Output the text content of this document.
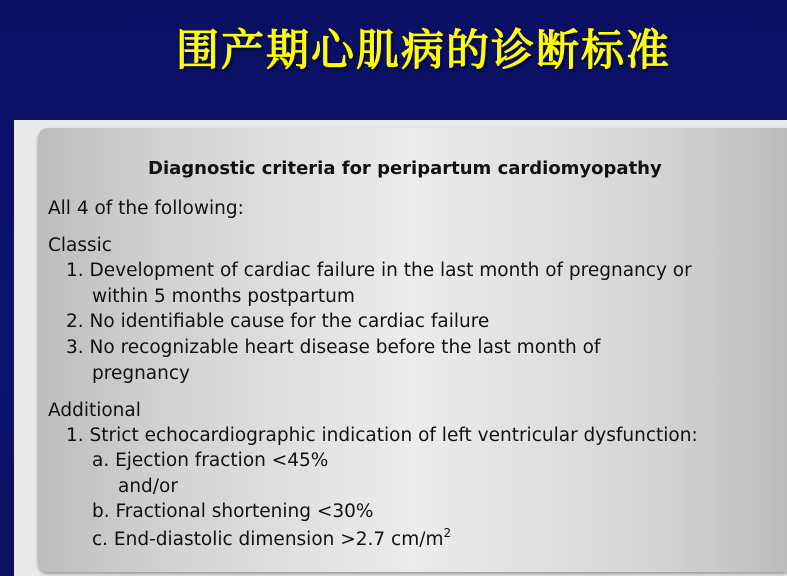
围产期心肌病的诊断标准
Diagnostic criteria for peripartum cardiomyopathy
All 4 of the following:
Classic
1. Development of cardiac failure in the last month of pregnancy or
within 5 months postpartum
2. No identifiable cause for the cardiac failure
3. No recognizable heart disease before the last month of
pregnancy
Additional
1. Strict echocardiographic indication of left ventricular dysfunction:
a. Ejection fraction <45%
and/or
b. Fractional shortening <30%
c. End-diastolic dimension >2.7 $cm/m^2$
